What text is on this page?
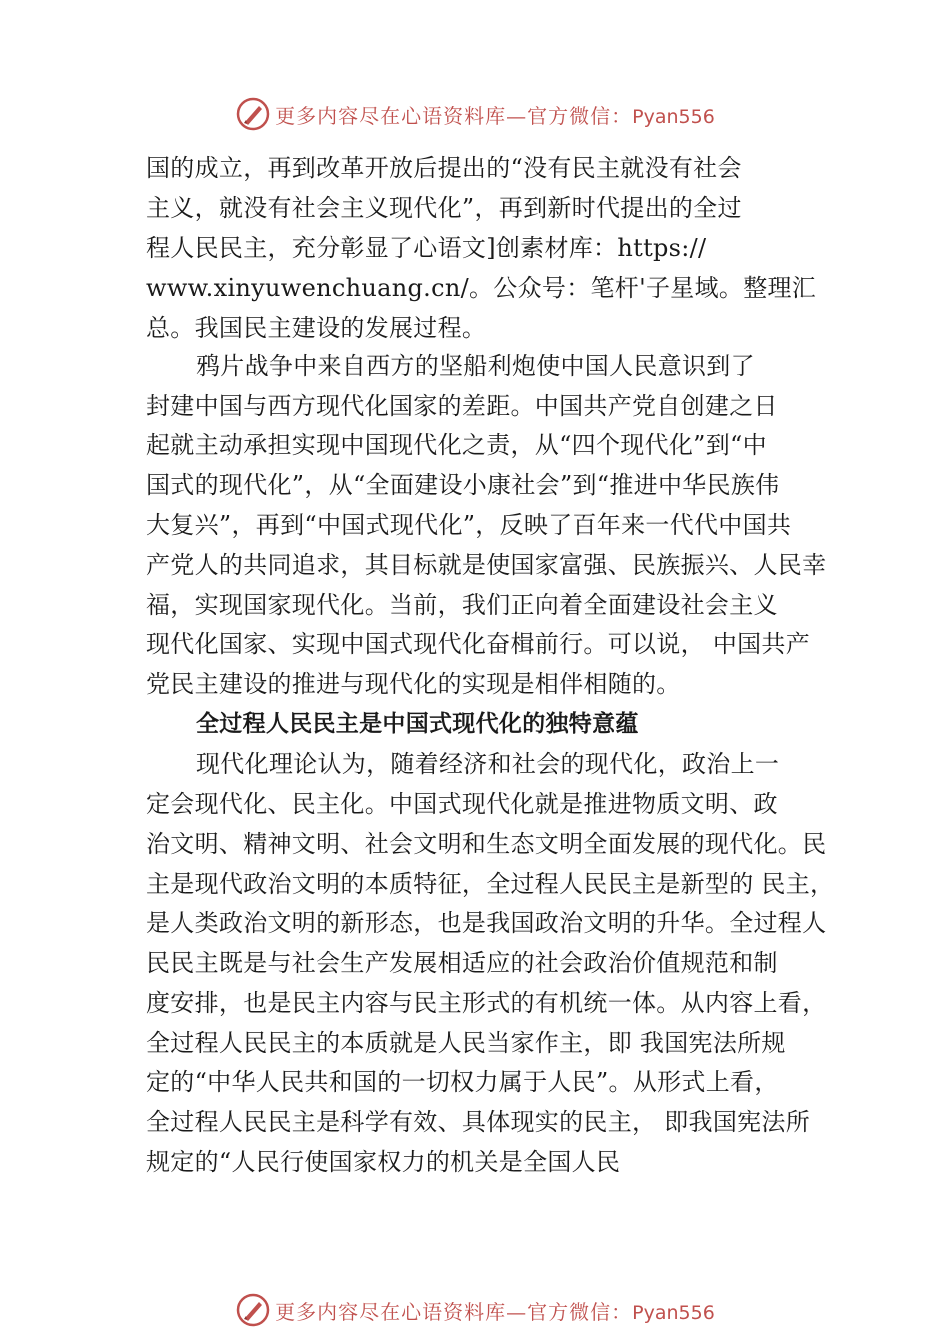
更多内容尽在心语资料库—官方微信：Pyan556
国的成立，再到改革开放后提出的“没有民主就没有社会
主义，就没有社会主义现代化”，再到新时代提出的全过
程人民民主，充分彰显了心语文]创素材库：https://
www.xinyuwenchuang.cn/。公众号：笔杆'子星域。整理汇
总。我国民主建设的发展过程。
鸦片战争中来自西方的坚船利炮使中国人民意识到了
封建中国与西方现代化国家的差距。中国共产党自创建之日
起就主动承担实现中国现代化之责，从“四个现代化”到“中
国式的现代化”，从“全面建设小康社会”到“推进中华民族伟
大复兴”，再到“中国式现代化”，反映了百年来一代代中国共
产党人的共同追求，其目标就是使国家富强、民族振兴、人民幸
福，实现国家现代化。当前，我们正向着全面建设社会主义
现代化国家、实现中国式现代化奋楫前行。可以说， 中国共产
党民主建设的推进与现代化的实现是相伴相随的。
全过程人民民主是中国式现代化的独特意蕴
现代化理论认为，随着经济和社会的现代化，政治上一
定会现代化、民主化。中国式现代化就是推进物质文明、政
治文明、精神文明、社会文明和生态文明全面发展的现代化。民
主是现代政治文明的本质特征，全过程人民民主是新型的 民主，
是人类政治文明的新形态，也是我国政治文明的升华。全过程人
民民主既是与社会生产发展相适应的社会政治价值规范和制
度安排，也是民主内容与民主形式的有机统一体。从内容上看，
全过程人民民主的本质就是人民当家作主，即 我国宪法所规
定的“中华人民共和国的一切权力属于人民”。从形式上看，
全过程人民民主是科学有效、具体现实的民主， 即我国宪法所
规定的“人民行使国家权力的机关是全国人民
更多内容尽在心语资料库—官方微信：Pyan556
